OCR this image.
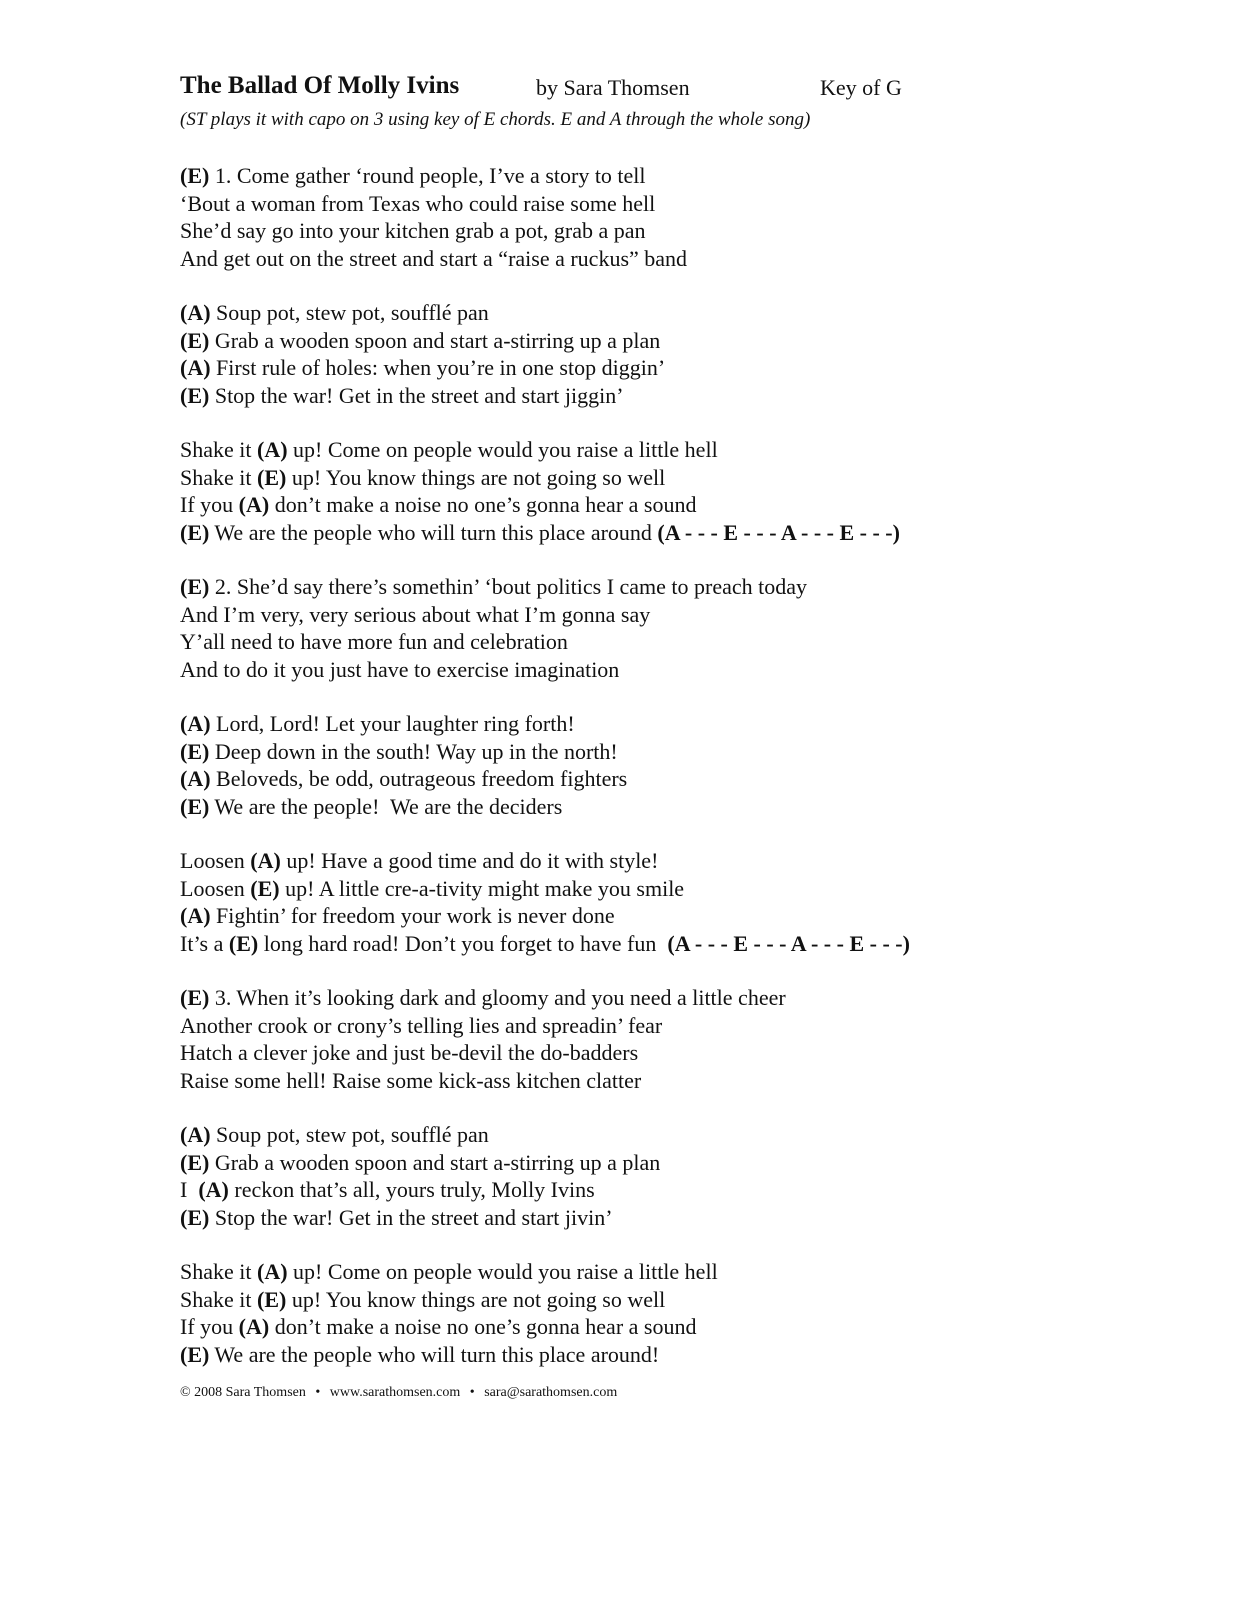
The Ballad Of Molly Ivins	by Sara Thomsen	Key of G
(ST plays it with capo on 3 using key of E chords. E and A through the whole song)
(E) 1. Come gather ‘round people, I’ve a story to tell
‘Bout a woman from Texas who could raise some hell
She’d say go into your kitchen grab a pot, grab a pan
And get out on the street and start a “raise a ruckus” band
(A) Soup pot, stew pot, soufflé pan
(E) Grab a wooden spoon and start a-stirring up a plan
(A) First rule of holes: when you’re in one stop diggin’
(E) Stop the war! Get in the street and start jiggin’
Shake it (A) up! Come on people would you raise a little hell
Shake it (E) up! You know things are not going so well
If you (A) don’t make a noise no one’s gonna hear a sound
(E) We are the people who will turn this place around (A - - - E - - - A - - - E - - -)
(E) 2. She’d say there’s somethin’ ‘bout politics I came to preach today
And I’m very, very serious about what I’m gonna say
Y’all need to have more fun and celebration
And to do it you just have to exercise imagination
(A) Lord, Lord! Let your laughter ring forth!
(E) Deep down in the south! Way up in the north!
(A) Beloveds, be odd, outrageous freedom fighters
(E) We are the people!  We are the deciders
Loosen (A) up! Have a good time and do it with style!
Loosen (E) up! A little cre-a-tivity might make you smile
(A) Fightin’ for freedom your work is never done
It’s a (E) long hard road! Don’t you forget to have fun  (A - - - E - - - A - - - E - - -)
(E) 3. When it’s looking dark and gloomy and you need a little cheer
Another crook or crony’s telling lies and spreadin’ fear
Hatch a clever joke and just be-devil the do-badders
Raise some hell! Raise some kick-ass kitchen clatter
(A) Soup pot, stew pot, soufflé pan
(E) Grab a wooden spoon and start a-stirring up a plan
I  (A) reckon that’s all, yours truly, Molly Ivins
(E) Stop the war! Get in the street and start jivin’
Shake it (A) up! Come on people would you raise a little hell
Shake it (E) up! You know things are not going so well
If you (A) don’t make a noise no one’s gonna hear a sound
(E) We are the people who will turn this place around!
© 2008 Sara Thomsen • www.sarathomsen.com • sara@sarathomsen.com
